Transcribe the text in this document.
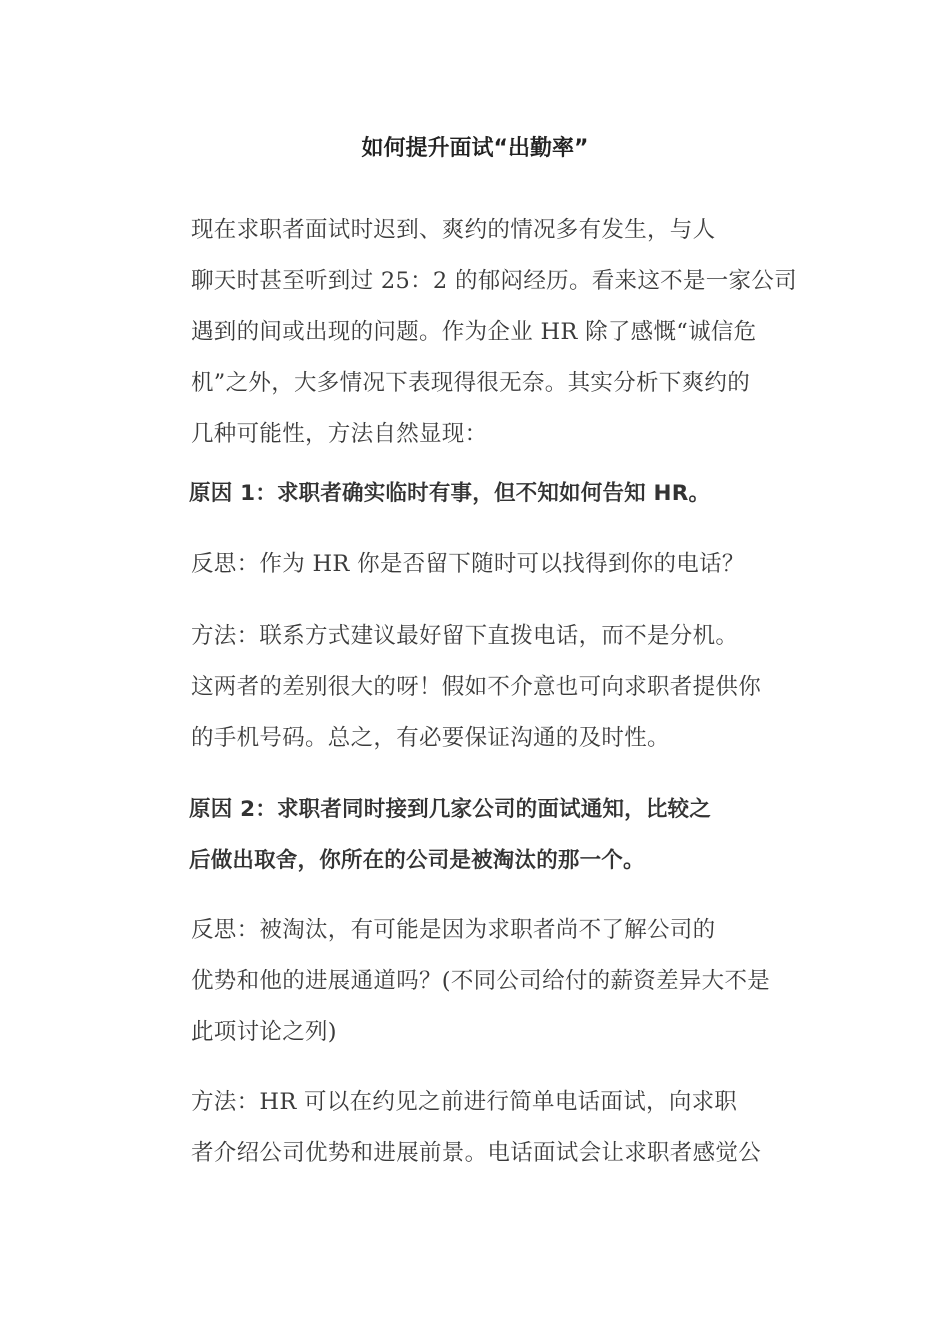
如何提升面试“出勤率”

现在求职者面试时迟到、爽约的情况多有发生，与人
聊天时甚至听到过 25：2 的郁闷经历。看来这不是一家公司
遇到的间或出现的问题。作为企业 HR 除了感慨“诚信危
机”之外，大多情况下表现得很无奈。其实分析下爽约的
几种可能性，方法自然显现：

原因 1：求职者确实临时有事，但不知如何告知 HR。

反思：作为 HR 你是否留下随时可以找得到你的电话？

方法：联系方式建议最好留下直拨电话，而不是分机。
这两者的差别很大的呀！假如不介意也可向求职者提供你
的手机号码。总之，有必要保证沟通的及时性。

原因 2：求职者同时接到几家公司的面试通知，比较之
后做出取舍，你所在的公司是被淘汰的那一个。

反思：被淘汰，有可能是因为求职者尚不了解公司的
优势和他的进展通道吗？(不同公司给付的薪资差异大不是
此项讨论之列)

方法：HR 可以在约见之前进行简单电话面试，向求职
者介绍公司优势和进展前景。电话面试会让求职者感觉公
